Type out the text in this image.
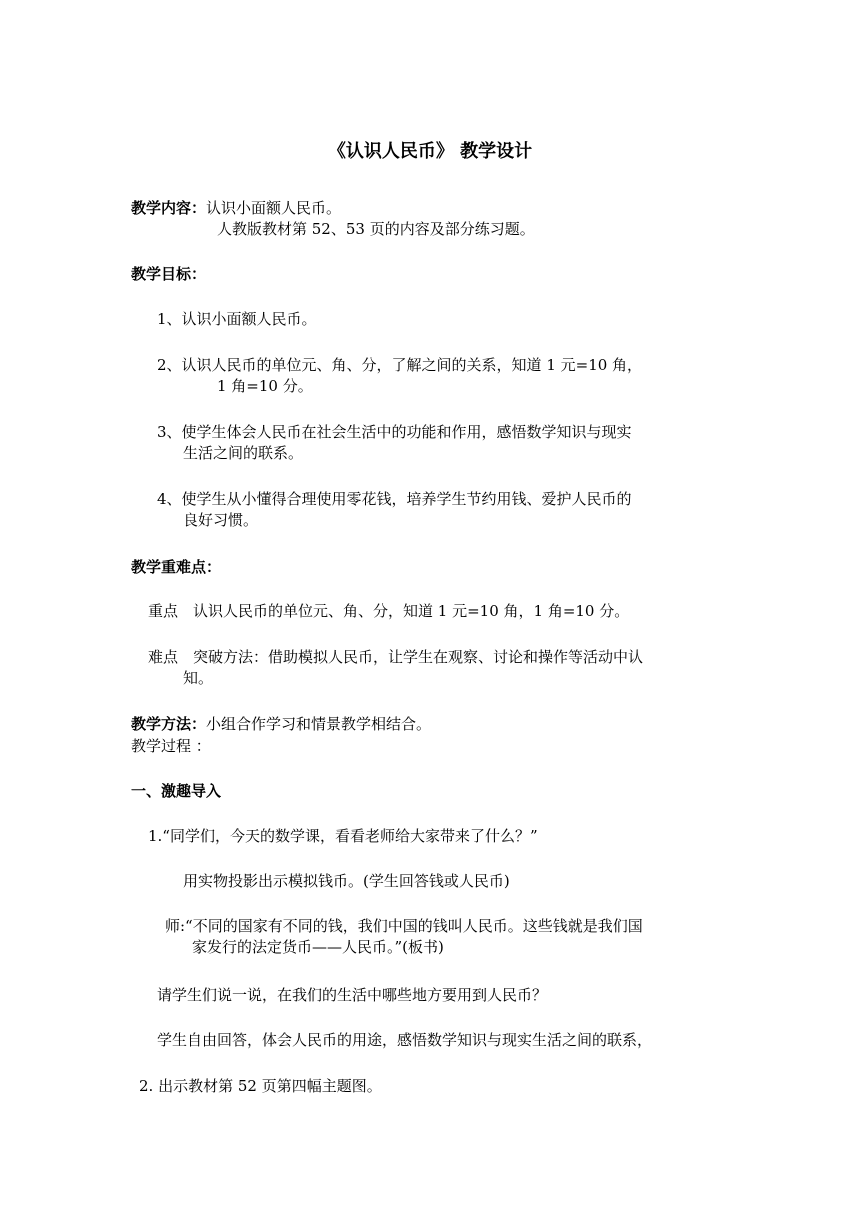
《认识人民币》 教学设计
教学内容：认识小面额人民币。
人教版教材第 52、53 页的内容及部分练习题。
教学目标：
1、认识小面额人民币。
2、认识人民币的单位元、角、分，了解之间的关系，知道 1 元=10 角，
1 角=10 分。
3、使学生体会人民币在社会生活中的功能和作用，感悟数学知识与现实
生活之间的联系。
4、使学生从小懂得合理使用零花钱，培养学生节约用钱、爱护人民币的
良好习惯。
教学重难点：
重点　认识人民币的单位元、角、分，知道 1 元=10 角，1 角=10 分。
难点　突破方法：借助模拟人民币，让学生在观察、讨论和操作等活动中认
知。
教学方法：小组合作学习和情景教学相结合。
教学过程 ：
一、激趣导入
1.“同学们，今天的数学课，看看老师给大家带来了什么？”
用实物投影出示模拟钱币。(学生回答钱或人民币)
师:“不同的国家有不同的钱，我们中国的钱叫人民币。这些钱就是我们国
家发行的法定货币——人民币。”(板书)
请学生们说一说，在我们的生活中哪些地方要用到人民币？
学生自由回答，体会人民币的用途，感悟数学知识与现实生活之间的联系，
2. 出示教材第 52 页第四幅主题图。
